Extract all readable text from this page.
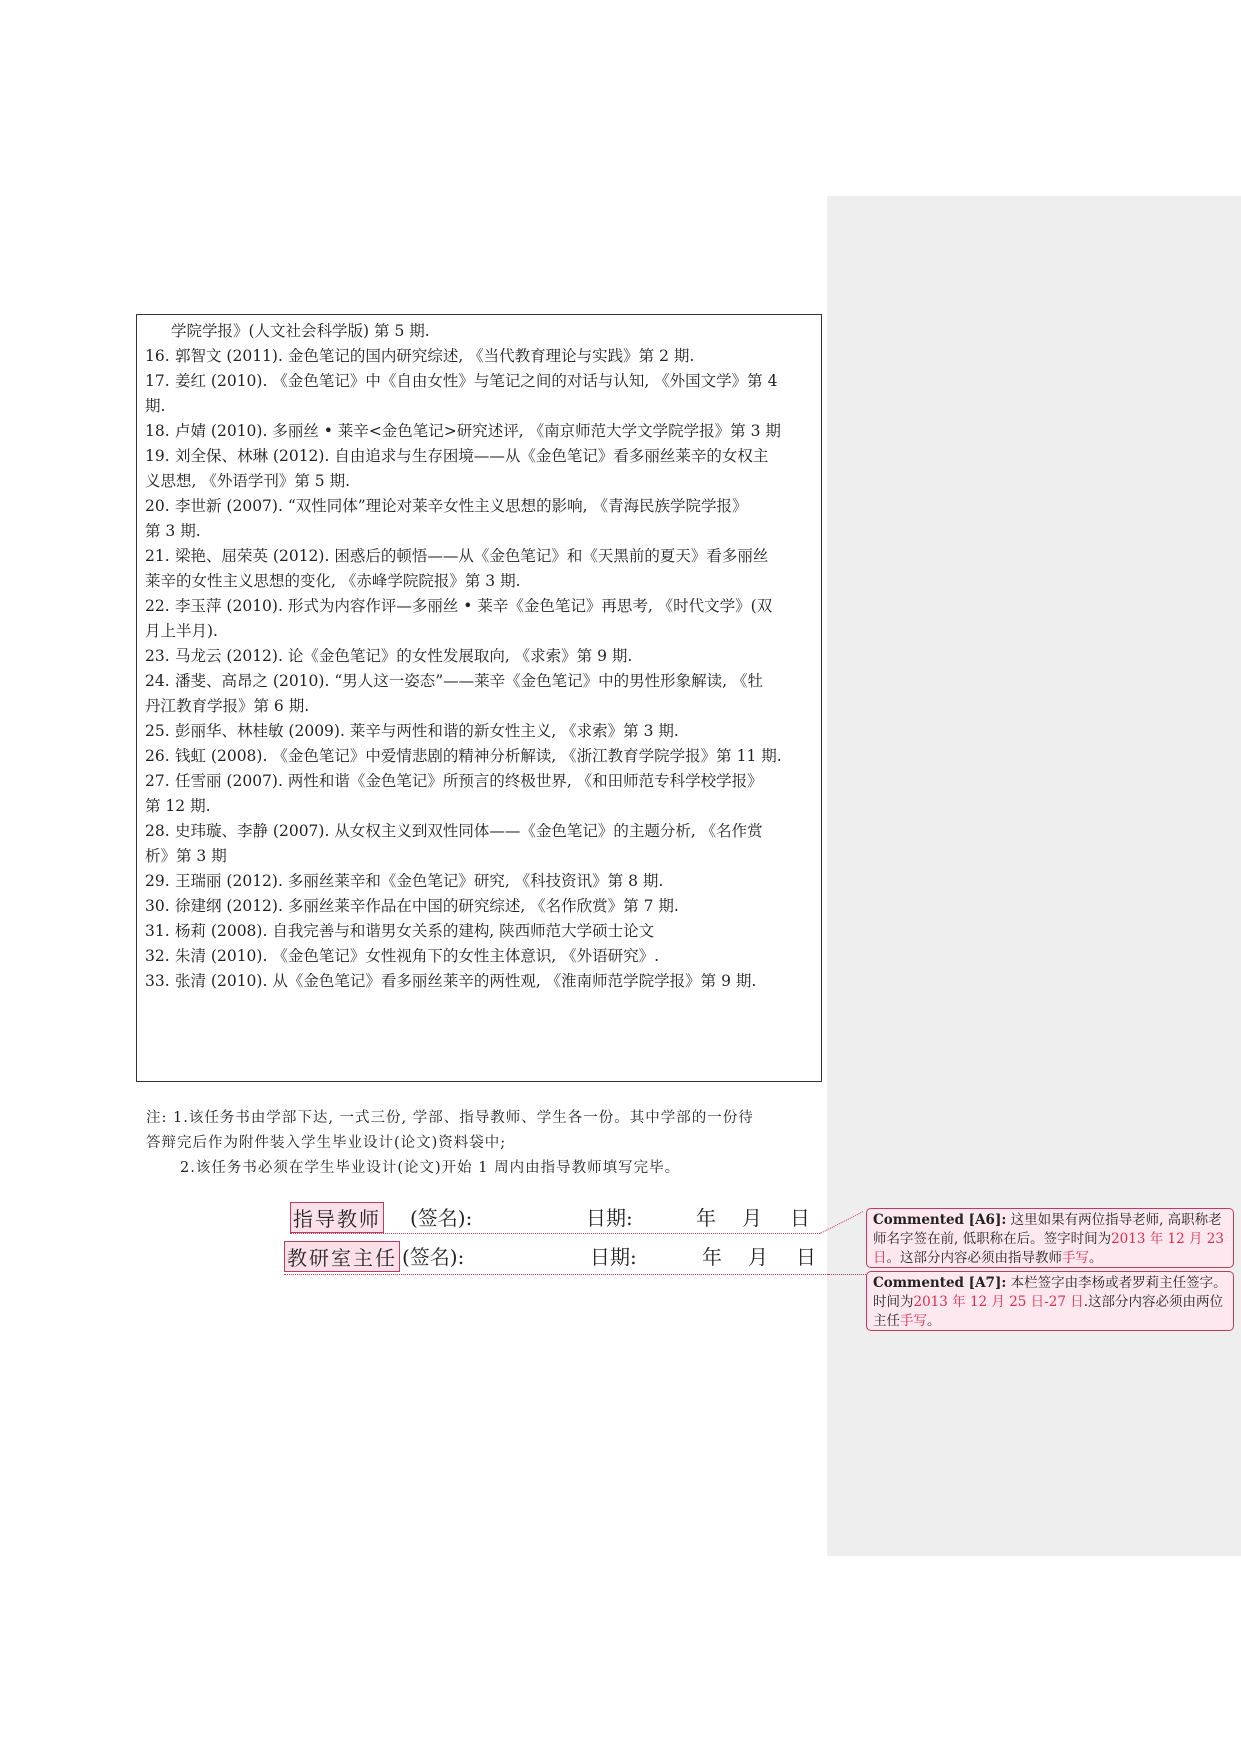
学院学报》(人文社会科学版) 第 5 期.

16. 郭智文 (2011). 金色笔记的国内研究综述, 《当代教育理论与实践》第 2 期.

17. 姜红 (2010). 《金色笔记》中《自由女性》与笔记之间的对话与认知, 《外国文学》第 4

期.

18. 卢婧 (2010). 多丽丝 • 莱辛<金色笔记>研究述评, 《南京师范大学文学院学报》第 3 期

19. 刘全保、林琳 (2012). 自由追求与生存困境——从《金色笔记》看多丽丝莱辛的女权主

义思想, 《外语学刊》第 5 期.

20. 李世新 (2007). “双性同体”理论对莱辛女性主义思想的影响, 《青海民族学院学报》

第 3 期.

21. 梁艳、屈荣英 (2012). 困惑后的顿悟——从《金色笔记》和《天黑前的夏天》看多丽丝

莱辛的女性主义思想的变化, 《赤峰学院院报》第 3 期.

22. 李玉萍 (2010). 形式为内容作评—多丽丝 • 莱辛《金色笔记》再思考, 《时代文学》(双

月上半月).

23. 马龙云 (2012). 论《金色笔记》的女性发展取向, 《求索》第 9 期.

24. 潘斐、高昂之 (2010). “男人这一姿态”——莱辛《金色笔记》中的男性形象解读, 《牡

丹江教育学报》第 6 期.

25. 彭丽华、林桂敏 (2009). 莱辛与两性和谐的新女性主义, 《求索》第 3 期.

26. 钱虹 (2008). 《金色笔记》中爱情悲剧的精神分析解读, 《浙江教育学院学报》第 11 期.

27. 任雪丽 (2007). 两性和谐《金色笔记》所预言的终极世界, 《和田师范专科学校学报》

第 12 期.

28. 史玮璇、李静 (2007). 从女权主义到双性同体——《金色笔记》的主题分析, 《名作赏

析》第 3 期

29. 王瑞丽 (2012). 多丽丝莱辛和《金色笔记》研究, 《科技资讯》第 8 期.

30. 徐建纲 (2012). 多丽丝莱辛作品在中国的研究综述, 《名作欣赏》第 7 期.

31. 杨莉 (2008). 自我完善与和谐男女关系的建构, 陕西师范大学硕士论文

32. 朱清 (2010). 《金色笔记》女性视角下的女性主体意识, 《外语研究》.

33. 张清 (2010). 从《金色笔记》看多丽丝莱辛的两性观, 《淮南师范学院学报》第 9 期.

注: 1.该任务书由学部下达, 一式三份, 学部、指导教师、学生各一份。其中学部的一份待

答辩完后作为附件装入学生毕业设计(论文)资料袋中;

2.该任务书必须在学生毕业设计(论文)开始 1 周内由指导教师填写完毕。

指导教师 (签名):	日期:	年 月 日
教研室主任 (签名):	日期:	年 月 日
Commented [A6]: 这里如果有两位指导老师, 高职称老师名字签在前, 低职称在后。签字时间为2013 年 12 月 23 日。这部分内容必须由指导教师手写。
Commented [A7]: 本栏签字由李杨或者罗莉主任签字。时间为2013 年 12 月 25 日-27 日.这部分内容必须由两位主任手写。
